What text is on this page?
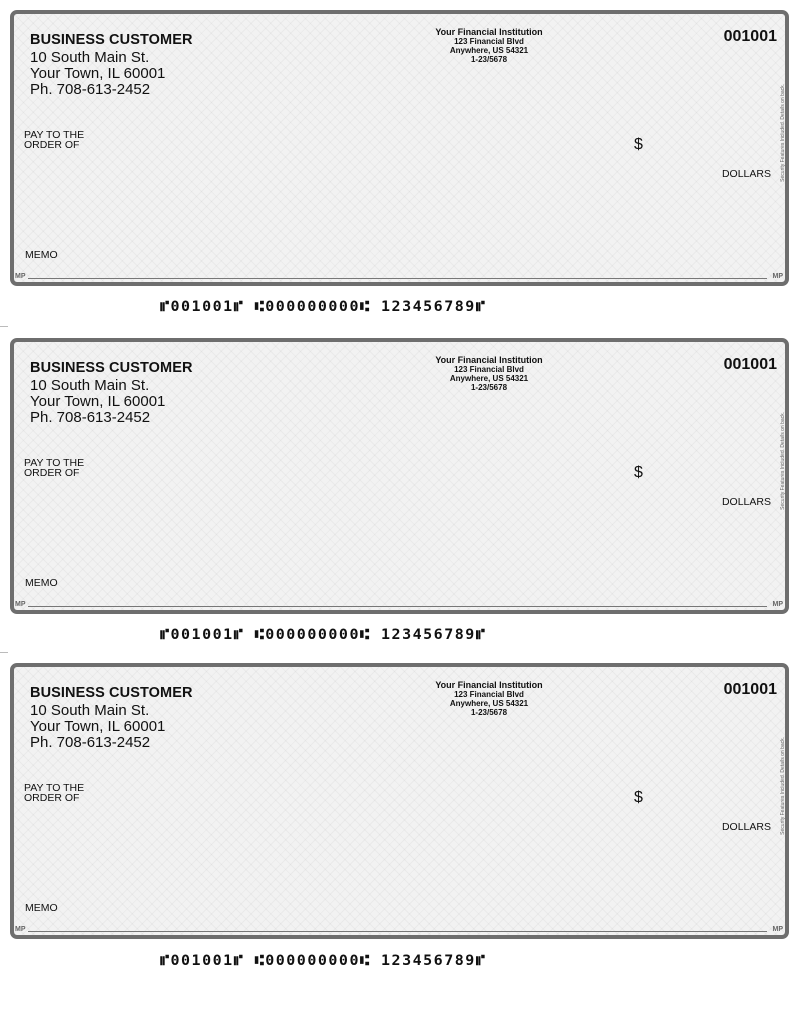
BUSINESS CUSTOMER
10 South Main St.
Your Town, IL 60001
Ph. 708-613-2452
Your Financial Institution
123 Financial Blvd
Anywhere, US 54321
1-23/5678
001001
PAY TO THE
ORDER OF	$
DOLLARS
MEMO
MP	MP
Security Features Included. Details on back.
⑈001001⑈ ⑆000000000⑆ 123456789⑈
BUSINESS CUSTOMER
10 South Main St.
Your Town, IL 60001
Ph. 708-613-2452
Your Financial Institution
123 Financial Blvd
Anywhere, US 54321
1-23/5678
001001
PAY TO THE
ORDER OF	$
DOLLARS
MEMO
MP	MP
Security Features Included. Details on back.
⑈001001⑈ ⑆000000000⑆ 123456789⑈
BUSINESS CUSTOMER
10 South Main St.
Your Town, IL 60001
Ph. 708-613-2452
Your Financial Institution
123 Financial Blvd
Anywhere, US 54321
1-23/5678
001001
PAY TO THE
ORDER OF	$
DOLLARS
MEMO
MP	MP
Security Features Included. Details on back.
⑈001001⑈ ⑆000000000⑆ 123456789⑈
